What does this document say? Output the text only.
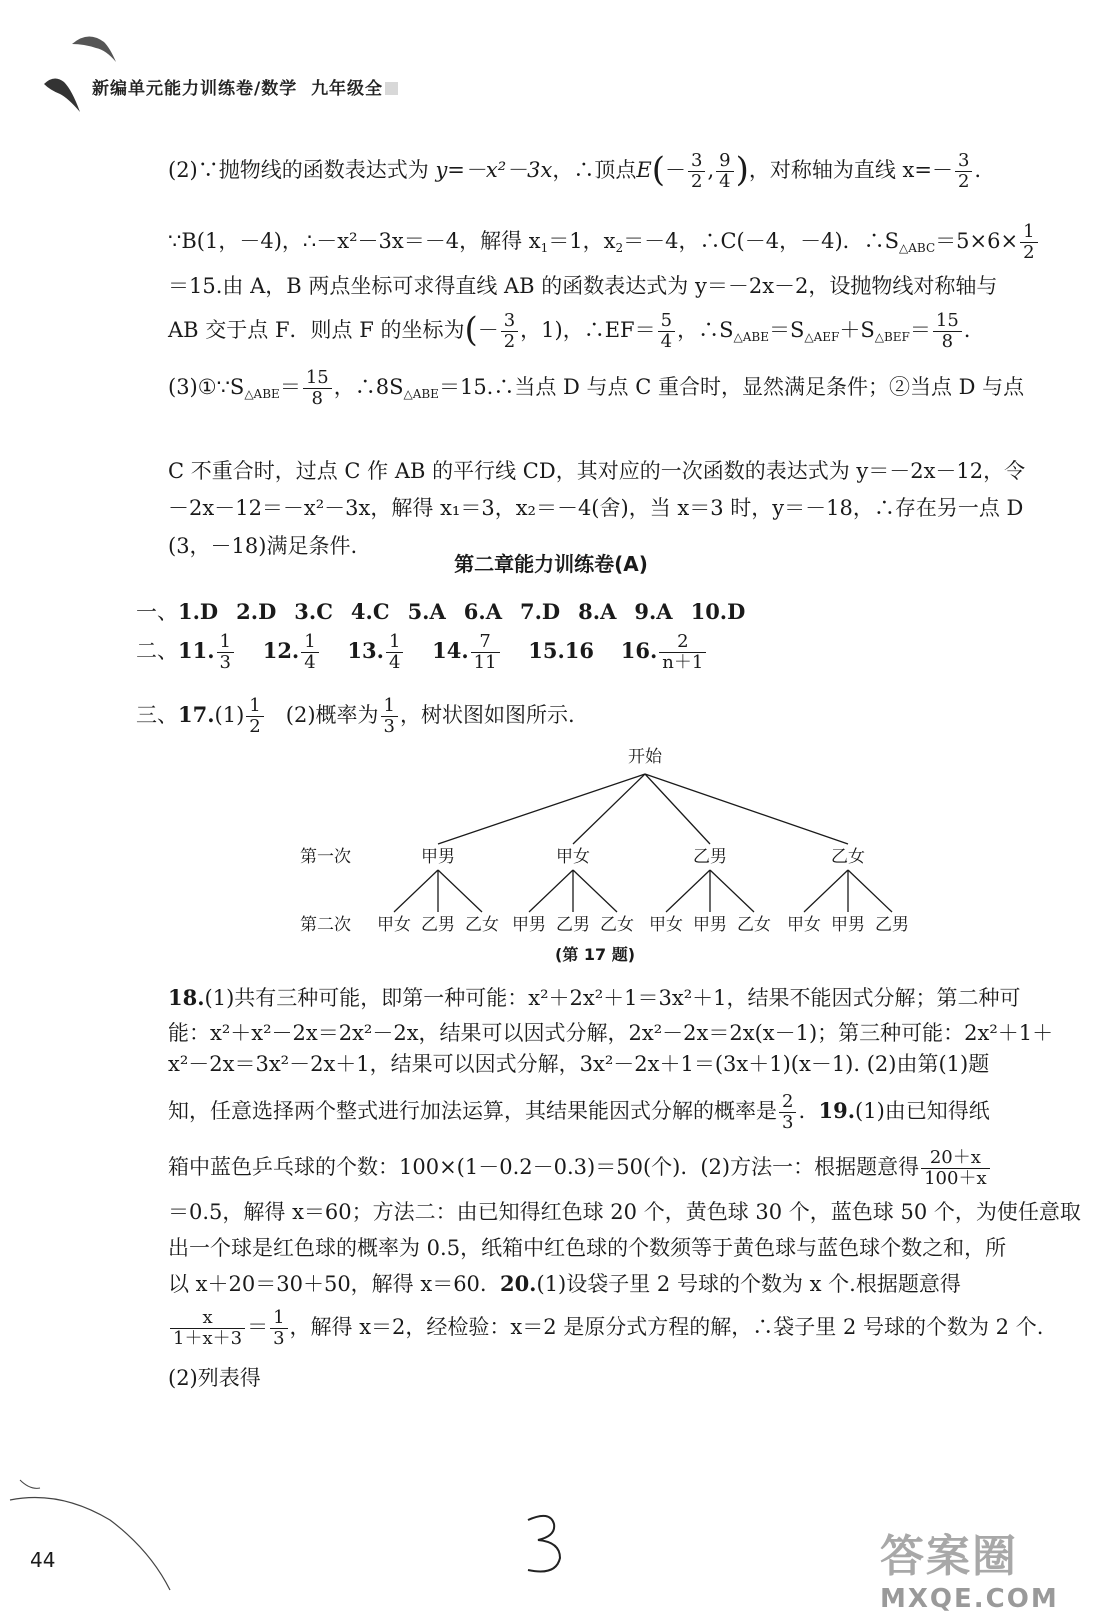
新编单元能力训练卷/数学 九年级全
(2)∵抛物线的函数表达式为 y=－x²－3x，∴顶点$E(- \frac{3}{2}$ , $\frac{9}{4}$ )，对称轴为直线 $x=- \frac{3}{2}$ .
∵B(1，－4)，∴－x²－3x＝－4，解得 $x_1=1$，$x_2=-4$，∴C(－4，－4)．$\therefore S_{\triangle ABC}=5\times 6\times \frac{1}{2}$
＝15.由 A，B 两点坐标可求得直线 AB 的函数表达式为 y＝－2x－2，设抛物线对称轴与
AB 交于点 F．则点 F 的坐标为(－ $\frac{3}{2}$ ，1)，∴EF＝ $\frac{5}{4}$ ，$\therefore S_{\triangle ABE}=S_{\triangle AEF}+S_{\triangle BEF}= \frac{15}{8}$ .
$(3)①\because S_{\triangle ABE}= \frac{15}{8}$ ，$\therefore 8S_{\triangle ABE}=15.\therefore$当点 D 与点 C 重合时，显然满足条件；②当点 D 与点
C 不重合时，过点 C 作 AB 的平行线 CD，其对应的一次函数的表达式为 y＝－2x－12，令
－2x－12＝－x²－3x，解得 x₁＝3，x₂＝－4(舍)，当 x＝3 时，y＝－18，∴存在另一点 D
(3，－18)满足条件.
第二章能力训练卷(A)
一、1.D 2.D 3.C 4.C 5.A 6.A 7.D 8.A 9.A 10.D
二、11. $\frac{1}{3} 12$. $\frac{1}{4} 13$. $\frac{1}{4} 14$. $\frac{7}{11} 15.16$ 16. $\frac{2}{n+1}$
三、$17.(1) \frac{1}{2} (2)$概率为 $\frac{1}{3}$ ，树状图如图所示.
开始
第一次
第二次
甲男	甲女	乙男	乙女
甲女 乙男 乙女 甲男 乙男 乙女 甲女 甲男 乙女 甲女 甲男 乙男
(第 17 题)
18.(1)共有三种可能，即第一种可能：x²＋2x²＋1＝3x²＋1，结果不能因式分解；第二种可
能：x²＋x²－2x＝2x²－2x，结果可以因式分解，2x²－2x＝2x(x－1)；第三种可能：2x²＋1＋
x²－2x＝3x²－2x＋1，结果可以因式分解，3x²－2x＋1＝(3x＋1)(x－1). (2)由第(1)题
知，任意选择两个整式进行加法运算，其结果能因式分解的概率是 $\frac{2}{3}$ .  19.(1)由已知得纸
箱中蓝色乒乓球的个数：100×(1－0.2－0.3)＝50(个).  (2)方法一：根据题意得 $\frac{20+x}{100+x}$
＝0.5，解得 x＝60；方法二：由已知得红色球 20 个，黄色球 30 个，蓝色球 50 个，为使任意取
出一个球是红色球的概率为 0.5，纸箱中红色球的个数须等于黄色球与蓝色球个数之和，所
以 x＋20＝30＋50，解得 x＝60.  20.(1)设袋子里 2 号球的个数为 x 个.根据题意得
$\frac{x}{1+x+3} = \frac{1}{3}$ ，解得 x＝2，经检验：x＝2 是原分式方程的解，∴袋子里 2 号球的个数为 2 个.
(2)列表得
44	答案圈
MXQE.COM
